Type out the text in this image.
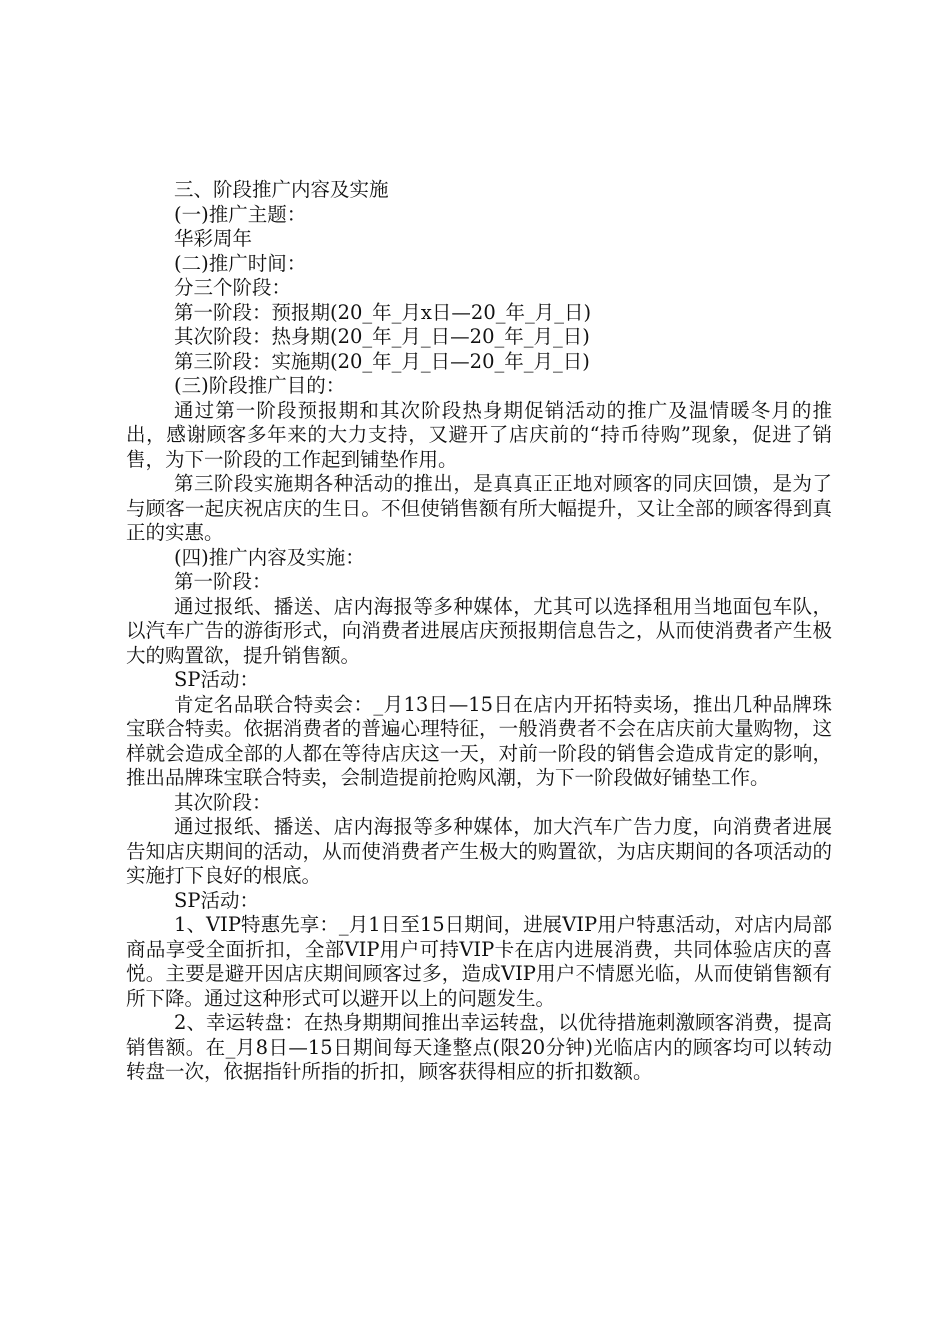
三、阶段推广内容及实施
(一)推广主题：
华彩周年
(二)推广时间：
分三个阶段：
第一阶段：预报期(20_年_月x日—20_年_月_日)
其次阶段：热身期(20_年_月_日—20_年_月_日)
第三阶段：实施期(20_年_月_日—20_年_月_日)
(三)阶段推广目的：

通过第一阶段预报期和其次阶段热身期促销活动的推广及温情暖冬月的推出，感谢顾客多年来的大力支持，又避开了店庆前的“持币待购”现象，促进了销售，为下一阶段的工作起到铺垫作用。

第三阶段实施期各种活动的推出，是真真正正地对顾客的同庆回馈，是为了与顾客一起庆祝店庆的生日。不但使销售额有所大幅提升，又让全部的顾客得到真正的实惠。

(四)推广内容及实施：
第一阶段：

通过报纸、播送、店内海报等多种媒体，尤其可以选择租用当地面包车队，以汽车广告的游街形式，向消费者进展店庆预报期信息告之，从而使消费者产生极大的购置欲，提升销售额。

SP活动：

肯定名品联合特卖会：_月13日—15日在店内开拓特卖场，推出几种品牌珠宝联合特卖。依据消费者的普遍心理特征，一般消费者不会在店庆前大量购物，这样就会造成全部的人都在等待店庆这一天，对前一阶段的销售会造成肯定的影响，推出品牌珠宝联合特卖，会制造提前抢购风潮，为下一阶段做好铺垫工作。

其次阶段：

通过报纸、播送、店内海报等多种媒体，加大汽车广告力度，向消费者进展告知店庆期间的活动，从而使消费者产生极大的购置欲，为店庆期间的各项活动的实施打下良好的根底。

SP活动：

1、VIP特惠先享：_月1日至15日期间，进展VIP用户特惠活动，对店内局部商品享受全面折扣，全部VIP用户可持VIP卡在店内进展消费，共同体验店庆的喜悦。主要是避开因店庆期间顾客过多，造成VIP用户不情愿光临，从而使销售额有所下降。通过这种形式可以避开以上的问题发生。

2、幸运转盘：在热身期期间推出幸运转盘，以优待措施刺激顾客消费，提高销售额。在_月8日—15日期间每天逢整点(限20分钟)光临店内的顾客均可以转动转盘一次，依据指针所指的折扣，顾客获得相应的折扣数额。
